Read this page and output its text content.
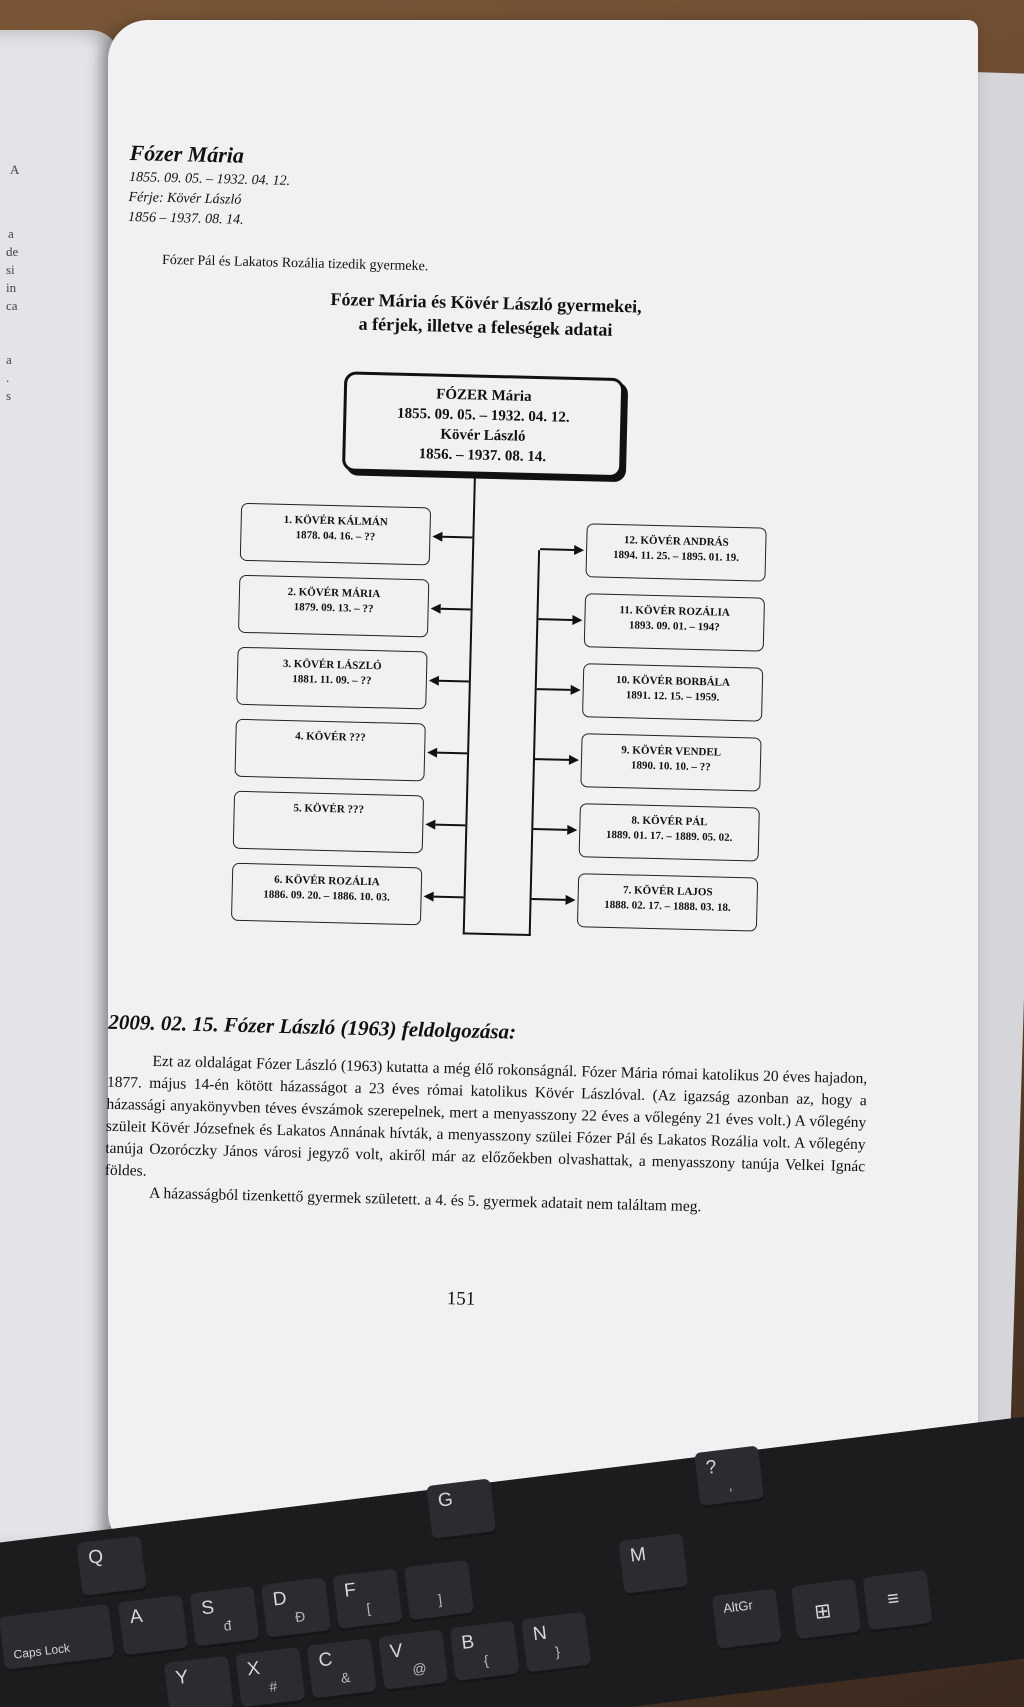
A
a
de
si
in
ca
a
.
s
Fózer Mária
1855. 09. 05. – 1932. 04. 12.
Férje: Kövér László
1856 – 1937. 08. 14.
Fózer Pál és Lakatos Rozália tizedik gyermeke.
Fózer Mária és Kövér László gyermekei,
a férjek, illetve a feleségek adatai
FÓZER Mária
1855. 09. 05. – 1932. 04. 12.
Kövér László
1856. – 1937. 08. 14.
1. KÖVÉR KÁLMÁN
1878. 04. 16. – ??
2. KÖVÉR MÁRIA
1879. 09. 13. – ??
3. KÖVÉR LÁSZLÓ
1881. 11. 09. – ??
4. KÖVÉR ???
5. KÖVÉR ???
6. KÖVÉR ROZÁLIA
1886. 09. 20. – 1886. 10. 03.
12. KÖVÉR ANDRÁS
1894. 11. 25. – 1895. 01. 19.
11. KÖVÉR ROZÁLIA
1893. 09. 01. – 194?
10. KÖVÉR BORBÁLA
1891. 12. 15. – 1959.
9. KÖVÉR VENDEL
1890. 10. 10. – ??
8. KÖVÉR PÁL
1889. 01. 17. – 1889. 05. 02.
7. KÖVÉR LAJOS
1888. 02. 17. – 1888. 03. 18.
2009. 02. 15. Fózer László (1963) feldolgozása:

Ezt az oldalágat Fózer László (1963) kutatta a még élő rokonságnál. Fózer Mária római katolikus 20 éves hajadon, 1877. május 14-én kötött házasságot a 23 éves római katolikus Kövér Lászlóval. (Az igazság azonban az, hogy a házassági anyakönyvben téves évszámok szerepelnek, mert a menyasszony 22 éves a vőlegény 21 éves volt.) A vőlegény szüleit Kövér Józsefnek és Lakatos Annának hívták, a menyasszony szülei Fózer Pál és Lakatos Rozália volt. A vőlegény tanúja Ozoróczky János városi jegyző volt, akiről már az előzőekben olvashattak, a menyasszony tanúja Velkei Ignác földes.

A házasságból tizenkettő gyermek született. a 4. és 5. gyermek adatait nem találtam meg.

151
Q
G
?
,
Caps Lock
A	S
đ
D
Đ
F
[
]
M
X
#
C
&
V
@
B
{
N
}
AltGr
Y
⊞
≡
